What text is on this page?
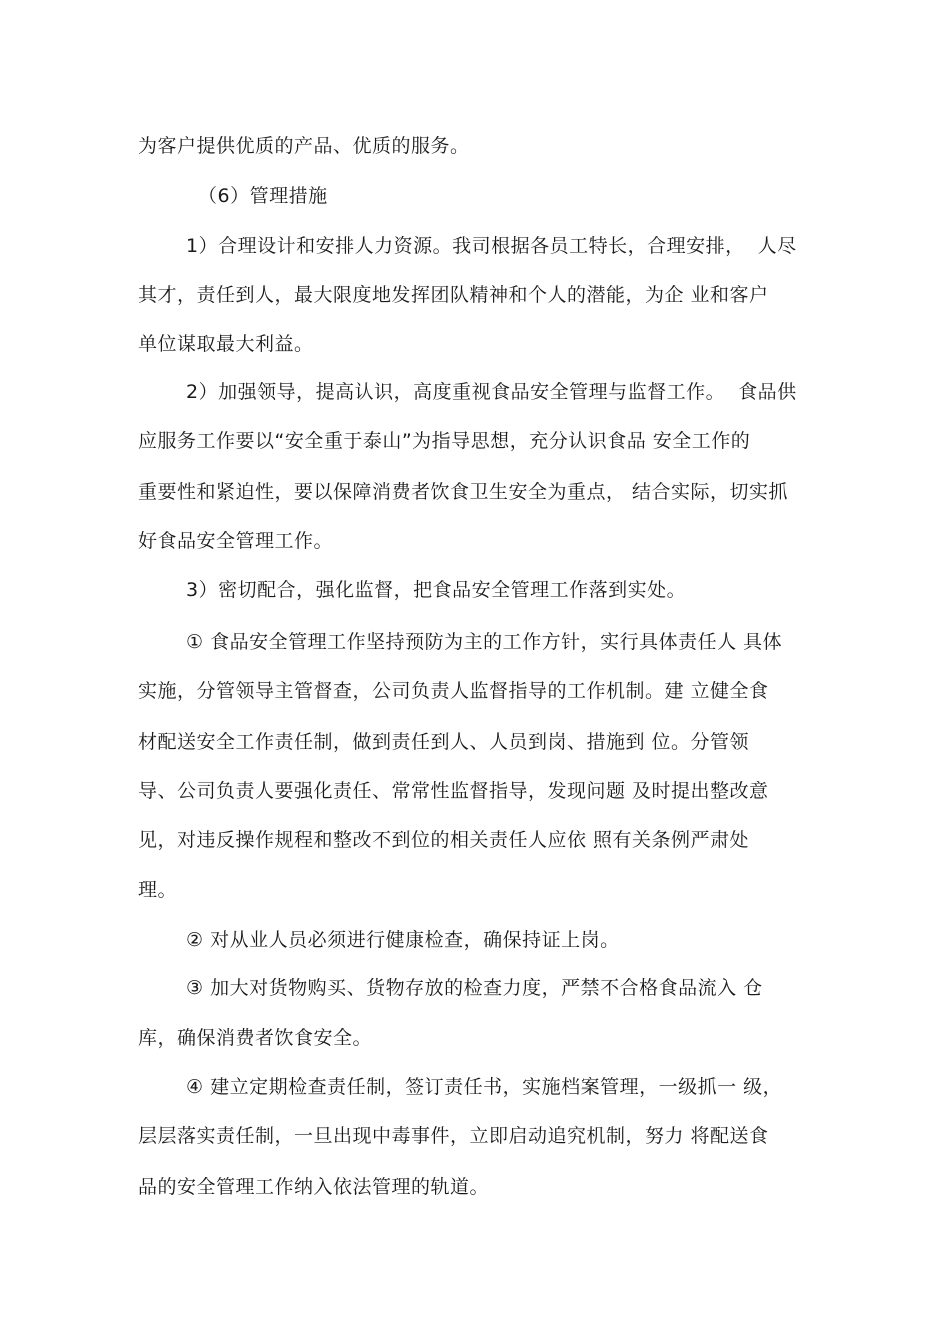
为客户提供优质的产品、优质的服务。
（6）管理措施
1）合理设计和安排人力资源。我司根据各员工特长，合理安排，  人尽
其才，责任到人，最大限度地发挥团队精神和个人的潜能，为企 业和客户
单位谋取最大利益。
2）加强领导，提高认识，高度重视食品安全管理与监督工作。  食品供
应服务工作要以“安全重于泰山”为指导思想，充分认识食品 安全工作的
重要性和紧迫性，要以保障消费者饮食卫生安全为重点， 结合实际，切实抓
好食品安全管理工作。
3）密切配合，强化监督，把食品安全管理工作落到实处。
① 食品安全管理工作坚持预防为主的工作方针，实行具体责任人 具体
实施，分管领导主管督查，公司负责人监督指导的工作机制。建 立健全食
材配送安全工作责任制，做到责任到人、人员到岗、措施到 位。分管领
导、公司负责人要强化责任、常常性监督指导，发现问题 及时提出整改意
见，对违反操作规程和整改不到位的相关责任人应依 照有关条例严肃处
理。
② 对从业人员必须进行健康检查，确保持证上岗。
③ 加大对货物购买、货物存放的检查力度，严禁不合格食品流入 仓
库，确保消费者饮食安全。
④ 建立定期检查责任制，签订责任书，实施档案管理，一级抓一 级，
层层落实责任制，一旦出现中毒事件，立即启动追究机制，努力 将配送食
品的安全管理工作纳入依法管理的轨道。
